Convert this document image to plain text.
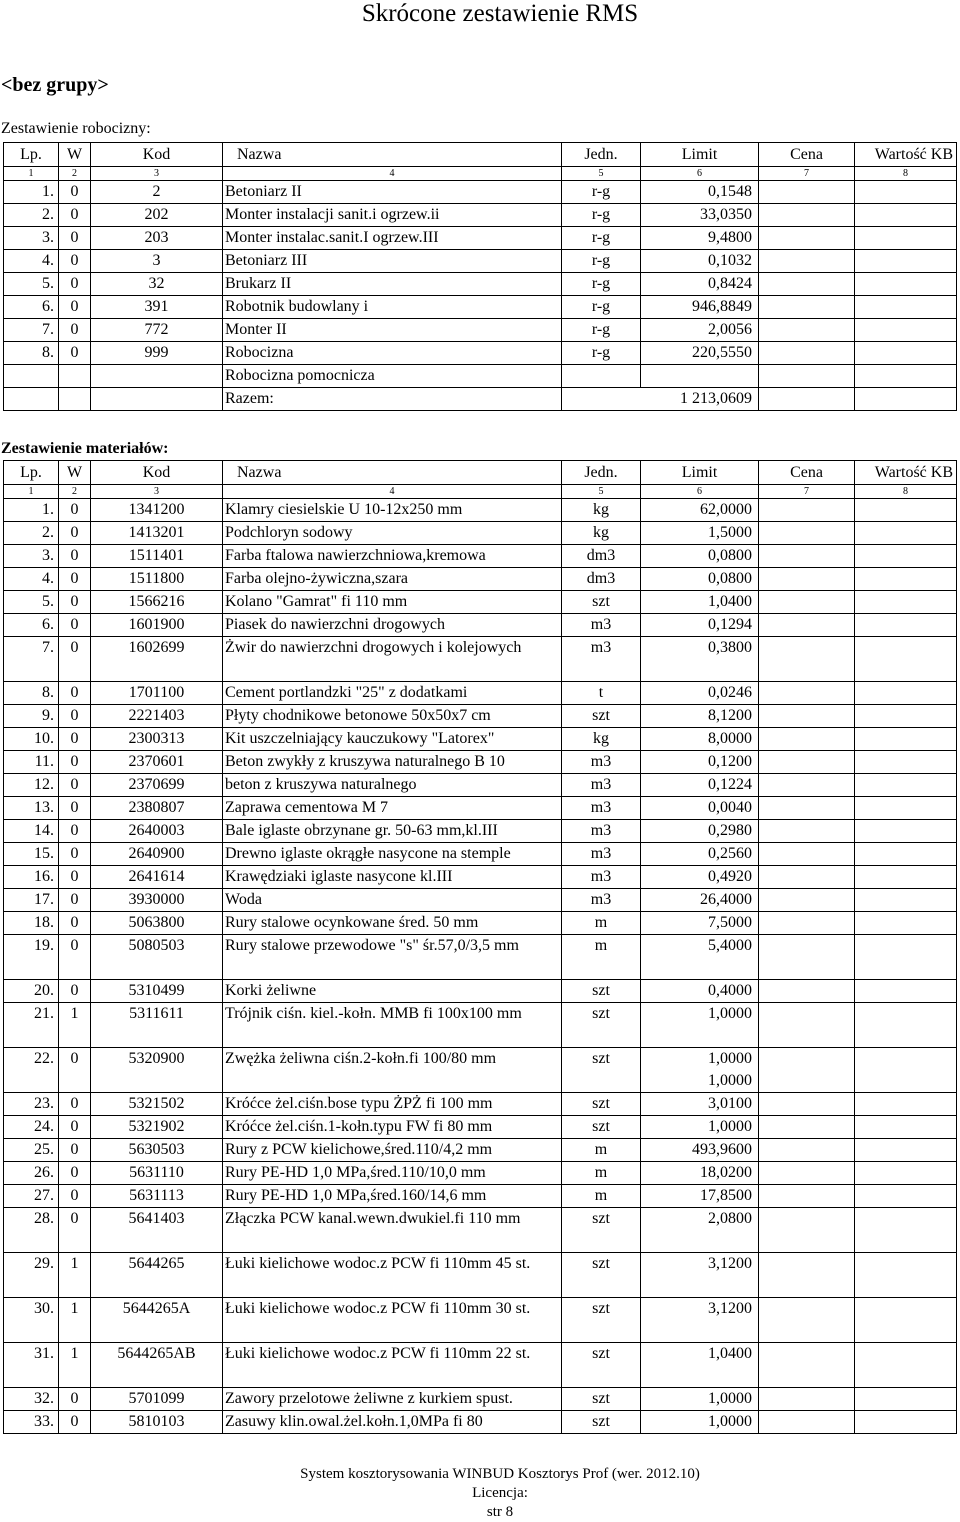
Skrócone zestawienie RMS
<bez grupy>
Zestawienie robocizny:
Lp.	W	Kod	Nazwa	Jedn.	Limit	Cena	Wartość KB
1	2	3	4	5	6	7	8
1.	0	2	Betoniarz II	r-g	0,1548		

2.	0	202	Monter instalacji sanit.i ogrzew.ii	r-g	33,0350		

3.	0	203	Monter instalac.sanit.I ogrzew.III	r-g	9,4800		

4.	0	3	Betoniarz III	r-g	0,1032		

5.	0	32	Brukarz II	r-g	0,8424		

6.	0	391	Robotnik budowlany i	r-g	946,8849		

7.	0	772	Monter II	r-g	2,0056		

8.	0	999	Robocizna	r-g	220,5550		

			Robocizna pomocnicza				
			Razem:	1 213,0609			
Zestawienie materiałów:
Lp.	W	Kod	Nazwa	Jedn.	Limit	Cena	Wartość KB
1	2	3	4	5	6	7	8
1.	0	1341200	Klamry ciesielskie U 10-12x250 mm	kg	62,0000		

2.	0	1413201	Podchloryn sodowy	kg	1,5000		

3.	0	1511401	Farba ftalowa nawierzchniowa,kremowa	dm3	0,0800		

4.	0	1511800	Farba olejno-żywiczna,szara	dm3	0,0800		

5.	0	1566216	Kolano "Gamrat" fi 110 mm	szt	1,0400		

6.	0	1601900	Piasek do nawierzchni drogowych	m3	0,1294		

7.	0	1602699	Żwir do nawierzchni drogowych i kolejowych	m3	0,3800		

8.	0	1701100	Cement portlandzki "25" z dodatkami	t	0,0246		

9.	0	2221403	Płyty chodnikowe betonowe 50x50x7 cm	szt	8,1200		

10.	0	2300313	Kit uszczelniający kauczukowy "Latorex"	kg	8,0000		

11.	0	2370601	Beton zwykły z kruszywa naturalnego B 10	m3	0,1200		

12.	0	2370699	beton z kruszywa naturalnego	m3	0,1224		

13.	0	2380807	Zaprawa cementowa M 7	m3	0,0040		

14.	0	2640003	Bale iglaste obrzynane gr. 50-63 mm,kl.III	m3	0,2980		

15.	0	2640900	Drewno iglaste okrągłe nasycone na stemple	m3	0,2560		

16.	0	2641614	Krawędziaki iglaste nasycone kl.III	m3	0,4920		

17.	0	3930000	Woda	m3	26,4000		

18.	0	5063800	Rury stalowe ocynkowane śred. 50 mm	m	7,5000		

19.	0	5080503	Rury stalowe przewodowe "s" śr.57,0/3,5 mm	m	5,4000		

20.	0	5310499	Korki żeliwne	szt	0,4000		

21.	1	5311611	Trójnik ciśn. kiel.-kołn. MMB fi 100x100 mm	szt	1,0000		

22.	0	5320900	Zwężka żeliwna ciśn.2-kołn.fi 100/80 mm	szt	1,0000
1,0000		

23.	0	5321502	Króćce żel.ciśn.bose typu ŻPŻ fi 100 mm	szt	3,0100		

24.	0	5321902	Króćce żel.ciśn.1-kołn.typu FW fi 80 mm	szt	1,0000		

25.	0	5630503	Rury z PCW kielichowe,śred.110/4,2 mm	m	493,9600		

26.	0	5631110	Rury PE-HD 1,0 MPa,śred.110/10,0 mm	m	18,0200		

27.	0	5631113	Rury PE-HD 1,0 MPa,śred.160/14,6 mm	m	17,8500		

28.	0	5641403	Złączka PCW kanal.wewn.dwukiel.fi 110 mm	szt	2,0800		

29.	1	5644265	Łuki kielichowe wodoc.z PCW fi 110mm 45 st.	szt	3,1200		

30.	1	5644265A	Łuki kielichowe wodoc.z PCW fi 110mm 30 st.	szt	3,1200		

31.	1	5644265AB	Łuki kielichowe wodoc.z PCW fi 110mm 22 st.	szt	1,0400		

32.	0	5701099	Zawory przelotowe żeliwne z kurkiem spust.	szt	1,0000		

33.	0	5810103	Zasuwy klin.owal.żel.kołn.1,0MPa fi 80	szt	1,0000		

System kosztorysowania WINBUD Kosztorys Prof (wer. 2012.10)
Licencja:
str 8
